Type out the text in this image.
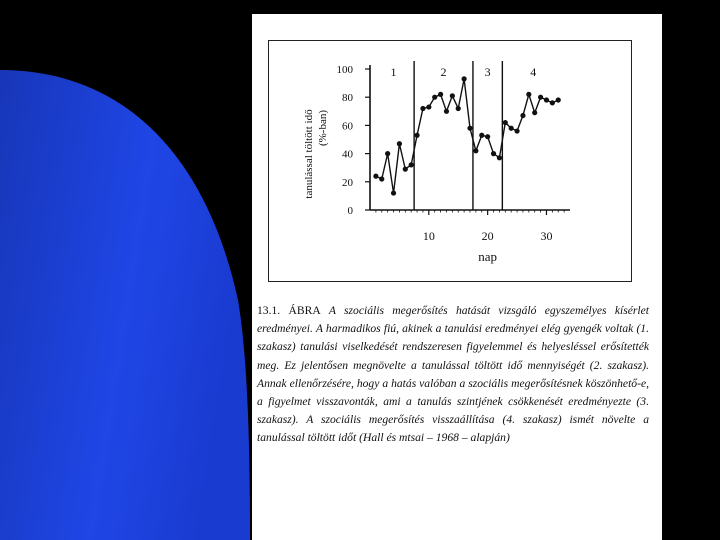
0
20
40
60
80
100
10	20	30
nap
tanulással töltött idő (%-ban)
1	2	3	4
13.1. ÁBRA A szociális megerősítés hatását vizsgáló egyszemélyes kísérlet eredményei. A harmadikos fiú, akinek a tanulási eredményei elég gyengék voltak (1. szakasz) tanulási viselkedését rendszeresen figyelemmel és helyesléssel erősítették meg. Ez jelentősen megnövelte a tanulással töltött idő mennyiségét (2. szakasz). Annak ellenőrzésére, hogy a hatás valóban a szociális megerősítésnek köszönhető-e, a figyelmet visszavonták, ami a tanulás szintjének csökkenését eredményezte (3. szakasz). A szociális megerősítés visszaállítása (4. szakasz) ismét növelte a tanulással töltött időt (Hall és mtsai – 1968 – alapján)
